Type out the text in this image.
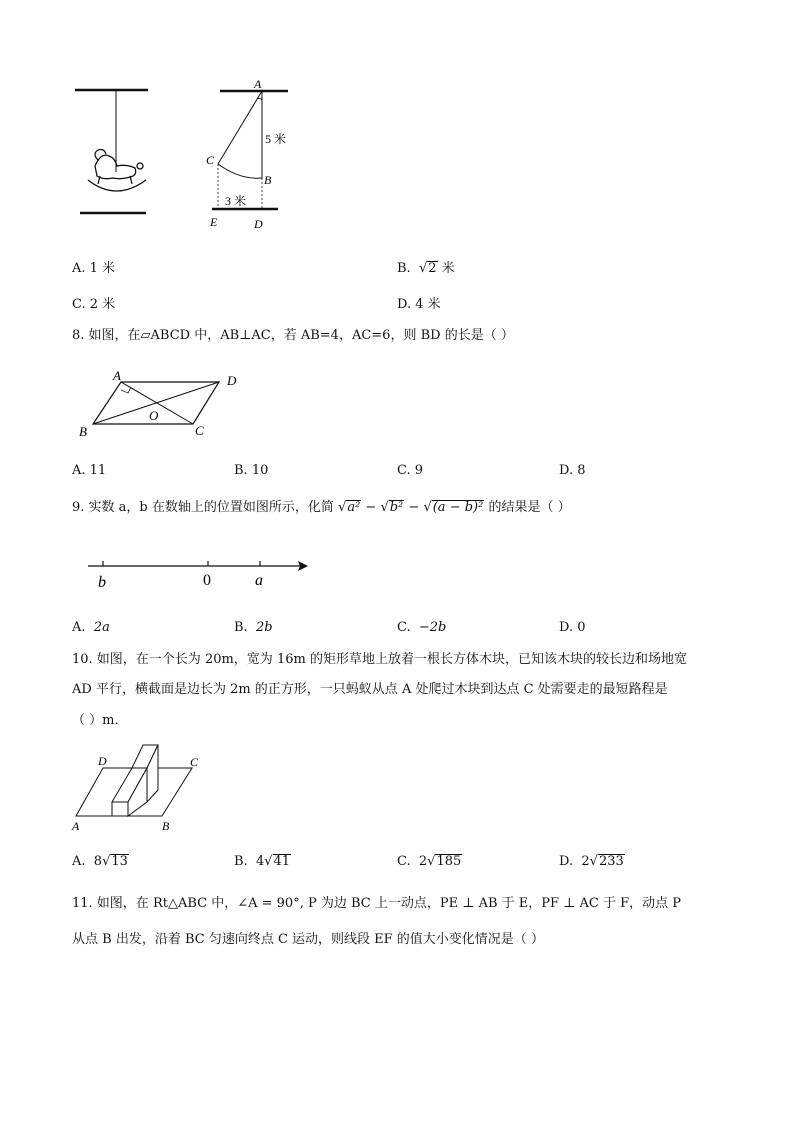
A
5 米
C
B
3 米
E	D
A. 1 米	B.  √2 米
C. 2 米	D. 4 米
8. 如图，在▱ABCD 中，AB⊥AC，若 AB=4，AC=6，则 BD 的长是（ ）
A	D
O
B	C
A. 11	B. 10	C. 9	D. 8
9. 实数 a，b 在数轴上的位置如图所示，化简 √a² − √b² − √(a − b)² 的结果是（ ）
b	0	a
A. 2a	B. 2b	C. −2b	D. 0
10. 如图，在一个长为 20m，宽为 16m 的矩形草地上放着一根长方体木块，已知该木块的较长边和场地宽
AD 平行，横截面是边长为 2m 的正方形，一只蚂蚁从点 A 处爬过木块到达点 C 处需要走的最短路程是
（ ）m．
D	C
A	B
A. 8√13	B. 4√41	C. 2√185	D. 2√233
11. 如图，在 Rt△ABC 中，∠A = 90°, P 为边 BC 上一动点，PE ⊥ AB 于 E，PF ⊥ AC 于 F，动点 P
从点 B 出发，沿着 BC 匀速向终点 C 运动，则线段 EF 的值大小变化情况是（ ）
